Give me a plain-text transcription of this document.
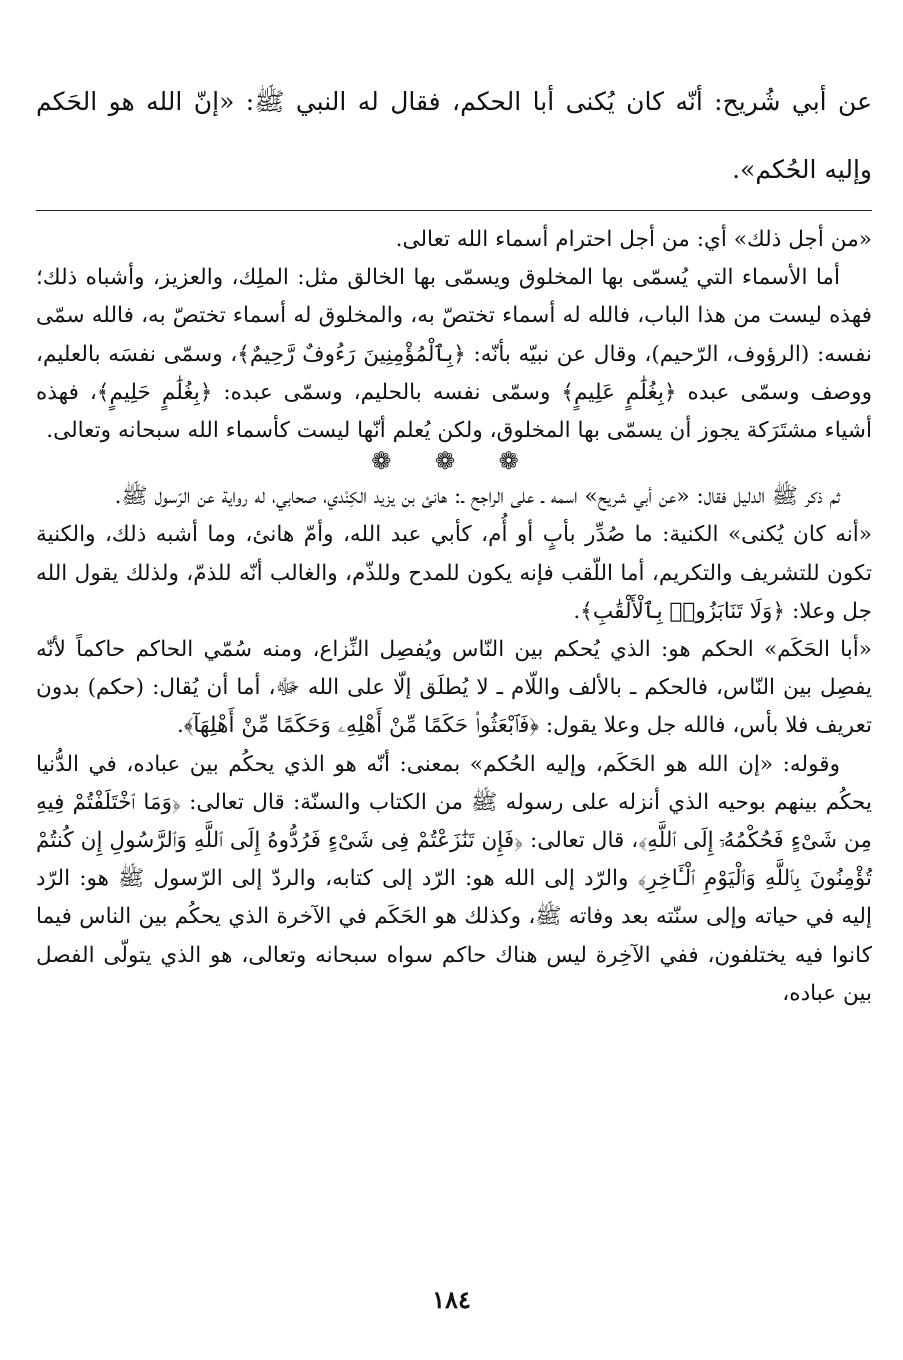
عن أبي شُريح: أنّه كان يُكنى أبا الحكم، فقال له النبي ﷺ: «إنّ الله هو الحَكم وإليه الحُكم».

«من أجل ذلك» أي: من أجل احترام أسماء الله تعالى.

أما الأسماء التي يُسمّى بها المخلوق ويسمّى بها الخالق مثل: الملِك، والعزيز، وأشباه ذلك؛ فهذه ليست من هذا الباب، فالله له أسماء تختصّ به، والمخلوق له أسماء تختصّ به، فالله سمّى نفسه: (الرؤوف، الرّحيم)، وقال عن نبيّه بأنّه: ﴿بِٱلْمُؤْمِنِينَ رَءُوفٌ رَّحِيمٌ﴾، وسمّى نفسَه بالعليم، ووصف وسمّى عبده ﴿بِغُلَٰمٍ عَلِيمٍ﴾ وسمّى نفسه بالحليم، وسمّى عبده: ﴿بِغُلَٰمٍ حَلِيمٍ﴾، فهذه أشياء مشتَرَكة يجوز أن يسمّى بها المخلوق، ولكن يُعلم أنّها ليست كأسماء الله سبحانه وتعالى.

❁ ❁ ❁

ثم ذكر ﷺ الدليل فقال: «عن أبي شريح» اسمه ـ على الراجح ـ: هانئ بن يزيد الكِنْدي، صحابي، له رواية عن الرّسول ﷺ.

«أنه كان يُكنى» الكنية: ما صُدِّر بأبٍ أو أُم، كأبي عبد الله، وأمّ هانئ، وما أشبه ذلك، والكنية تكون للتشريف والتكريم، أما اللّقب فإنه يكون للمدح وللذّم، والغالب أنّه للذمّ، ولذلك يقول الله جل وعلا: ﴿وَلَا تَنَابَزُوا۟ بِٱلْأَلْقَٰبِ﴾.

«أبا الحَكَم» الحكم هو: الذي يُحكم بين النّاس ويُفصِل النِّزاع، ومنه سُمّي الحاكم حاكماً لأنّه يفصِل بين النّاس، فالحكم ـ بالألف واللّام ـ لا يُطلَق إلّا على الله ﷻ، أما أن يُقال: (حكم) بدون تعريف فلا بأس، فالله جل وعلا يقول: ﴿فَٱبْعَثُوا۟ حَكَمًا مِّنْ أَهْلِهِۦ وَحَكَمًا مِّنْ أَهْلِهَآ﴾.

وقوله: «إن الله هو الحَكَم، وإليه الحُكم» بمعنى: أنّه هو الذي يحكُم بين عباده، في الدُّنيا يحكُم بينهم بوحيه الذي أنزله على رسوله ﷺ من الكتاب والسنّة: قال تعالى: ﴿وَمَا ٱخْتَلَفْتُمْ فِيهِ مِن شَىْءٍ فَحُكْمُهُۥٓ إِلَى ٱللَّهِ﴾، قال تعالى: ﴿فَإِن تَنَٰزَعْتُمْ فِى شَىْءٍ فَرُدُّوهُ إِلَى ٱللَّهِ وَٱلرَّسُولِ إِن كُنتُمْ تُؤْمِنُونَ بِٱللَّهِ وَٱلْيَوْمِ ٱلْـَٔاخِرِ﴾ والرّد إلى الله هو: الرّد إلى كتابه، والردّ إلى الرّسول ﷺ هو: الرّد إليه في حياته وإلى سنّته بعد وفاته ﷺ، وكذلك هو الحَكَم في الآخرة الذي يحكُم بين الناس فيما كانوا فيه يختلفون، ففي الآخِرة ليس هناك حاكم سواه سبحانه وتعالى، هو الذي يتولّى الفصل بين عباده،

١٨٤
